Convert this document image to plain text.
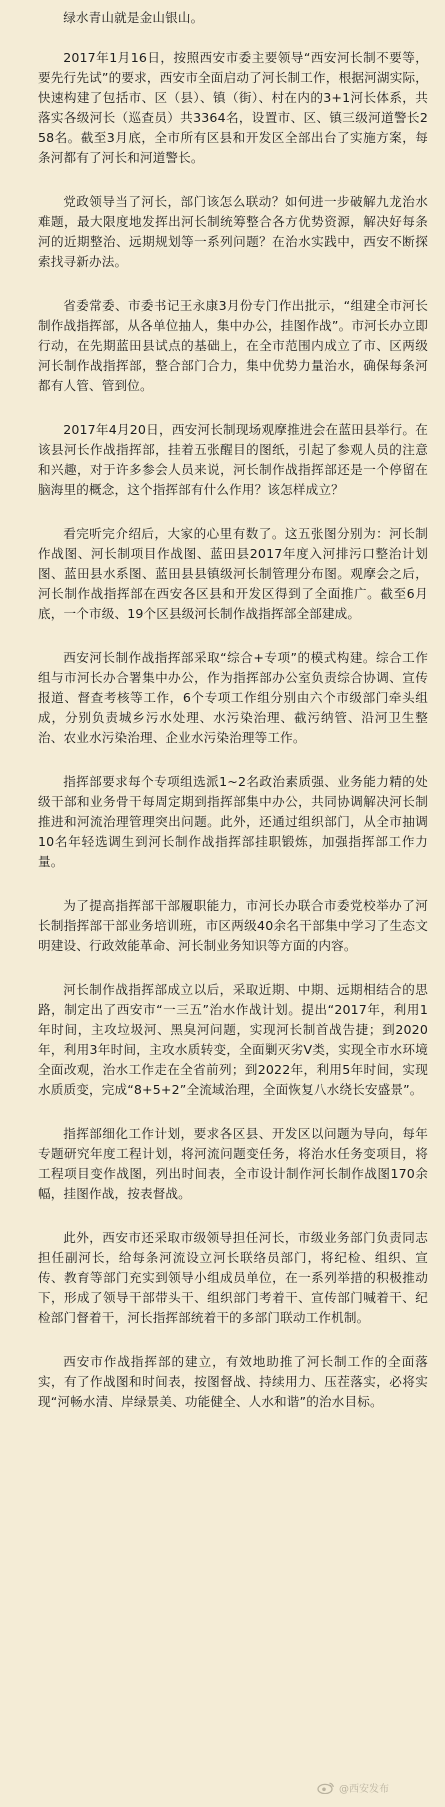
绿水青山就是金山银山。

2017年1月16日，按照西安市委主要领导“西安河长制不要等，要先行先试”的要求，西安市全面启动了河长制工作，根据河湖实际，快速构建了包括市、区（县）、镇（街）、村在内的3+1河长体系，共落实各级河长（巡查员）共3364名，设置市、区、镇三级河道警长258名。截至3月底，全市所有区县和开发区全部出台了实施方案，每条河都有了河长和河道警长。

党政领导当了河长，部门该怎么联动？如何进一步破解九龙治水难题，最大限度地发挥出河长制统筹整合各方优势资源，解决好每条河的近期整治、远期规划等一系列问题？在治水实践中，西安不断探索找寻新办法。

省委常委、市委书记王永康3月份专门作出批示，“组建全市河长制作战指挥部，从各单位抽人，集中办公，挂图作战”。市河长办立即行动，在先期蓝田县试点的基础上，在全市范围内成立了市、区两级河长制作战指挥部，整合部门合力，集中优势力量治水，确保每条河都有人管、管到位。

2017年4月20日，西安河长制现场观摩推进会在蓝田县举行。在该县河长作战指挥部，挂着五张醒目的图纸，引起了参观人员的注意和兴趣，对于许多参会人员来说，河长制作战指挥部还是一个停留在脑海里的概念，这个指挥部有什么作用？该怎样成立？

看完听完介绍后，大家的心里有数了。这五张图分别为：河长制作战图、河长制项目作战图、蓝田县2017年度入河排污口整治计划图、蓝田县水系图、蓝田县县镇级河长制管理分布图。观摩会之后，河长制作战指挥部在西安各区县和开发区得到了全面推广。截至6月底，一个市级、19个区县级河长制作战指挥部全部建成。

西安河长制作战指挥部采取“综合+专项”的模式构建。综合工作组与市河长办合署集中办公，作为指挥部办公室负责综合协调、宣传报道、督查考核等工作，6个专项工作组分别由六个市级部门牵头组成，分别负责城乡污水处理、水污染治理、截污纳管、沿河卫生整治、农业水污染治理、企业水污染治理等工作。

指挥部要求每个专项组选派1~2名政治素质强、业务能力精的处级干部和业务骨干每周定期到指挥部集中办公，共同协调解决河长制推进和河流治理管理突出问题。此外，还通过组织部门，从全市抽调10名年轻选调生到河长制作战指挥部挂职锻炼，加强指挥部工作力量。

为了提高指挥部干部履职能力，市河长办联合市委党校举办了河长制指挥部干部业务培训班，市区两级40余名干部集中学习了生态文明建设、行政效能革命、河长制业务知识等方面的内容。

河长制作战指挥部成立以后，采取近期、中期、远期相结合的思路，制定出了西安市“一三五”治水作战计划。提出“2017年，利用1年时间，主攻垃圾河、黑臭河问题，实现河长制首战告捷；到2020年，利用3年时间，主攻水质转变，全面剿灭劣V类，实现全市水环境全面改观，治水工作走在全省前列；到2022年，利用5年时间，实现水质质变，完成“8+5+2”全流域治理，全面恢复八水绕长安盛景”。

指挥部细化工作计划，要求各区县、开发区以问题为导向，每年专题研究年度工程计划，将河流问题变任务，将治水任务变项目，将工程项目变作战图，列出时间表，全市设计制作河长制作战图170余幅，挂图作战，按表督战。

此外，西安市还采取市级领导担任河长，市级业务部门负责同志担任副河长，给每条河流设立河长联络员部门，将纪检、组织、宣传、教育等部门充实到领导小组成员单位，在一系列举措的积极推动下，形成了领导干部带头干、组织部门考着干、宣传部门喊着干、纪检部门督着干，河长指挥部统着干的多部门联动工作机制。

西安市作战指挥部的建立，有效地助推了河长制工作的全面落实，有了作战图和时间表，按图督战、持续用力、压茬落实，必将实现“河畅水清、岸绿景美、功能健全、人水和谐”的治水目标。

@西安发布
